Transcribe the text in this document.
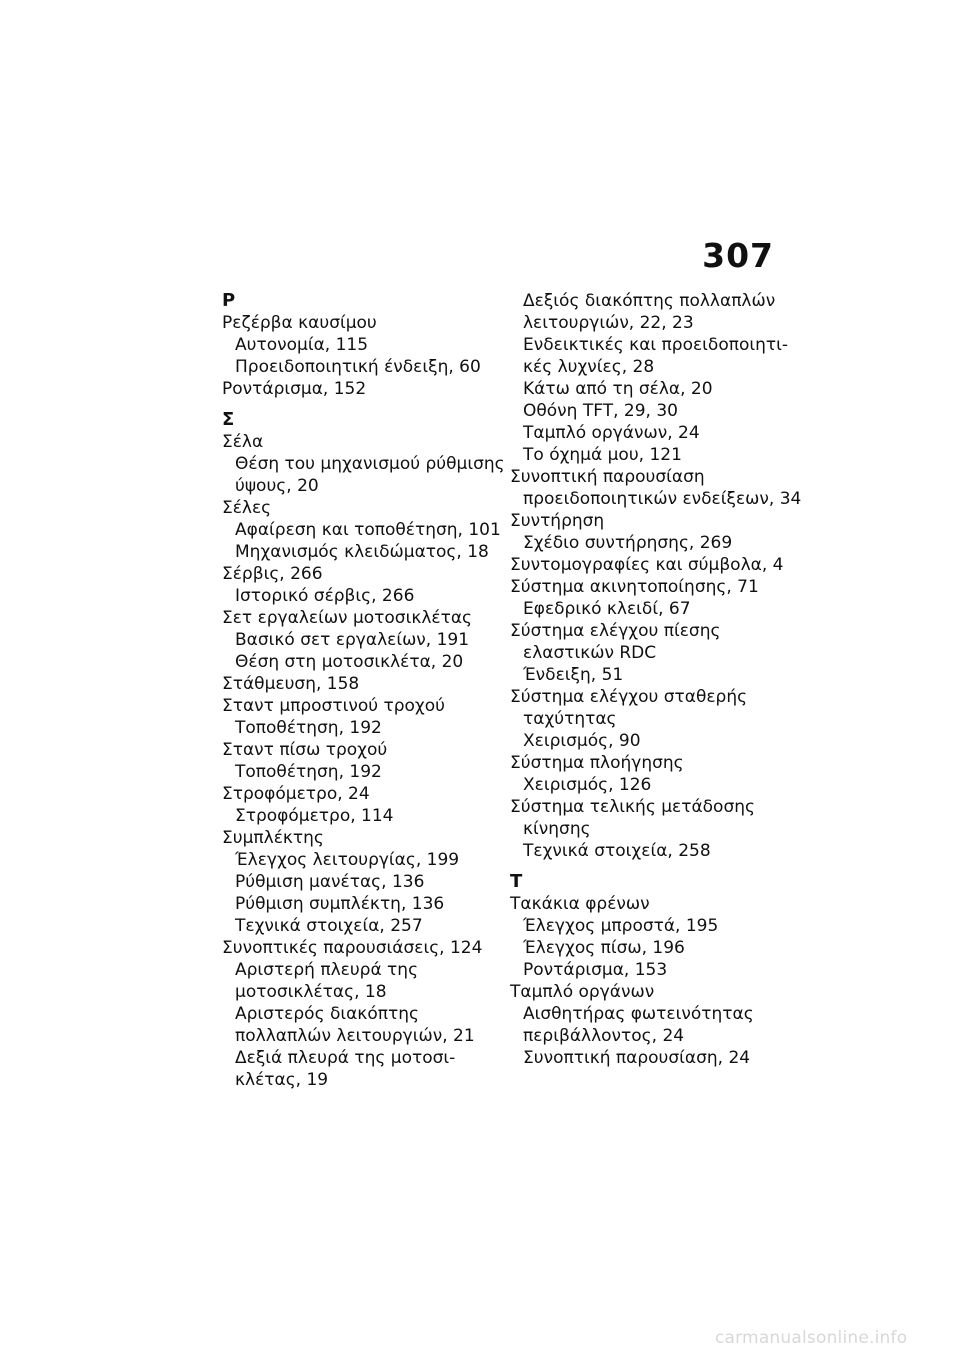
307
Ρ
Ρεζέρβα καυσίμου
Αυτονομία, 115
Προειδοποιητική ένδειξη, 60
Ροντάρισμα, 152
Σ
Σέλα
Θέση του μηχανισμού ρύθμισης
ύψους, 20
Σέλες
Αφαίρεση και τοποθέτηση, 101
Μηχανισμός κλειδώματος, 18
Σέρβις, 266
Ιστορικό σέρβις, 266
Σετ εργαλείων μοτοσικλέτας
Βασικό σετ εργαλείων, 191
Θέση στη μοτοσικλέτα, 20
Στάθμευση, 158
Σταντ μπροστινού τροχού
Τοποθέτηση, 192
Σταντ πίσω τροχού
Τοποθέτηση, 192
Στροφόμετρο, 24
Στροφόμετρο, 114
Συμπλέκτης
Έλεγχος λειτουργίας, 199
Ρύθμιση μανέτας, 136
Ρύθμιση συμπλέκτη, 136
Τεχνικά στοιχεία, 257
Συνοπτικές παρουσιάσεις, 124
Αριστερή πλευρά της
μοτοσικλέτας, 18
Αριστερός διακόπτης
πολλαπλών λειτουργιών, 21
Δεξιά πλευρά της μοτοσι-
κλέτας, 19
Δεξιός διακόπτης πολλαπλών
λειτουργιών, 22, 23
Ενδεικτικές και προειδοποιητι-
κές λυχνίες, 28
Κάτω από τη σέλα, 20
Οθόνη TFT, 29, 30
Ταμπλό οργάνων, 24
Το όχημά μου, 121
Συνοπτική παρουσίαση
προειδοποιητικών ενδείξεων, 34
Συντήρηση
Σχέδιο συντήρησης, 269
Συντομογραφίες και σύμβολα, 4
Σύστημα ακινητοποίησης, 71
Εφεδρικό κλειδί, 67
Σύστημα ελέγχου πίεσης
ελαστικών RDC
Ένδειξη, 51
Σύστημα ελέγχου σταθερής
ταχύτητας
Χειρισμός, 90
Σύστημα πλοήγησης
Χειρισμός, 126
Σύστημα τελικής μετάδοσης
κίνησης
Τεχνικά στοιχεία, 258
Τ
Τακάκια φρένων
Έλεγχος μπροστά, 195
Έλεγχος πίσω, 196
Ροντάρισμα, 153
Ταμπλό οργάνων
Αισθητήρας φωτεινότητας
περιβάλλοντος, 24
Συνοπτική παρουσίαση, 24
carmanualsonline.info
